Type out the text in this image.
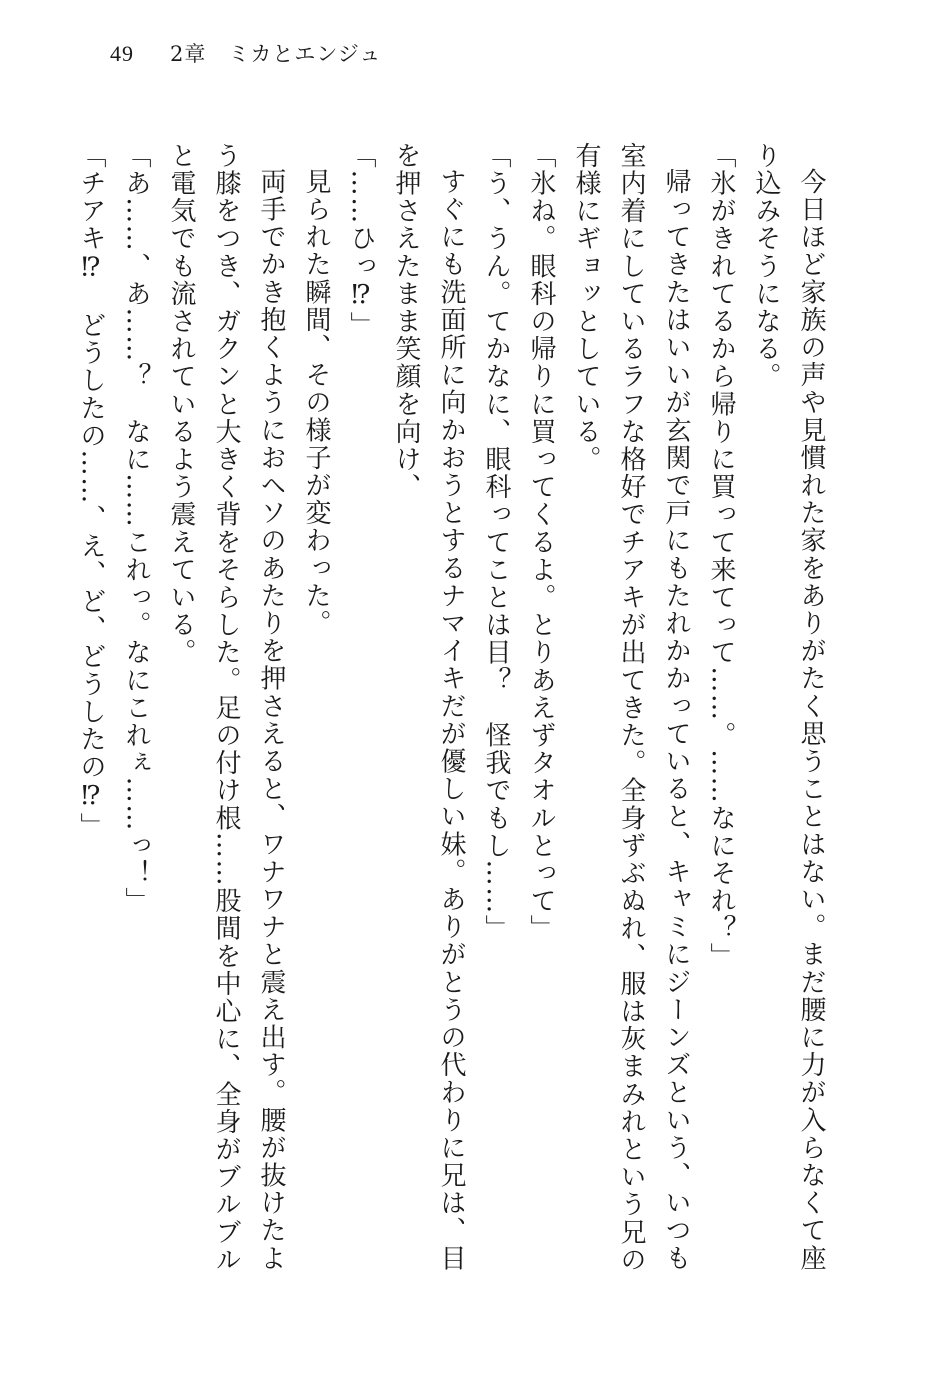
49 2章　ミカとエンジュ

今日ほど家族の声や見慣れた家をありがたく思うことはない。まだ腰に力が入らなくて座り込みそうになる。

「氷がきれてるから帰りに買って来てって……。……なにそれ？」

帰ってきたはいいが玄関で戸にもたれかかっていると、キャミにジーンズという、いつも室内着にしているラフな格好でチアキが出てきた。全身ずぶぬれ、服は灰まみれという兄の有様にギョッとしている。

「氷ね。眼科の帰りに買ってくるよ。とりあえずタオルとって」

「う、うん。てかなに、眼科ってことは目？　怪我でもし……」

すぐにも洗面所に向かおうとするナマイキだが優しい妹。ありがとうの代わりに兄は、目を押さえたまま笑顔を向け、

「……ひっ⁉」

見られた瞬間、その様子が変わった。

両手でかき抱くようにおヘソのあたりを押さえると、ワナワナと震え出す。腰が抜けたよう膝をつき、ガクンと大きく背をそらした。足の付け根……股間を中心に、全身がブルブルと電気でも流されているよう震えている。

「あ……、あ……？　なに……これっ。なにこれぇ……っ！」

「チアキ⁉　どうしたの……、え、ど、どうしたの⁉」
